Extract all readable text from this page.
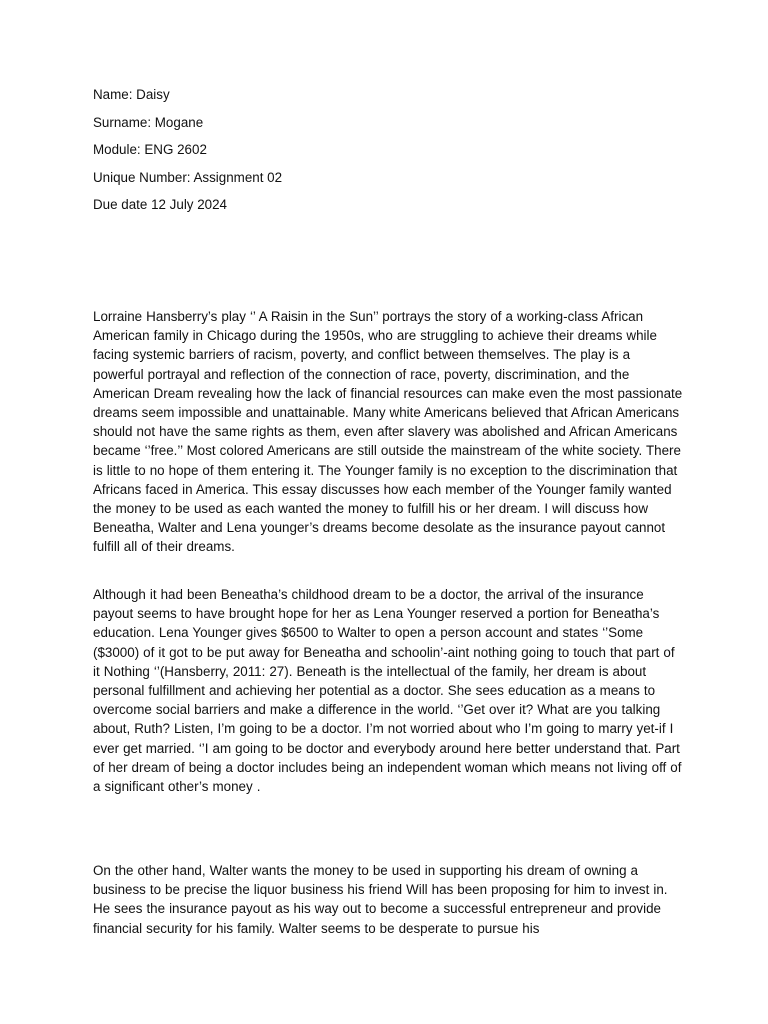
Name: Daisy

Surname: Mogane

Module: ENG 2602

Unique Number: Assignment 02

Due date 12 July 2024

Lorraine Hansberry’s play ‘’ A Raisin in the Sun’’ portrays the story of a working-class African American family in Chicago during the 1950s, who are struggling to achieve their dreams while facing systemic barriers of racism, poverty, and conflict between themselves. The play is a powerful portrayal and reflection of the connection of race, poverty, discrimination, and the American Dream revealing how the lack of financial resources can make even the most passionate dreams seem impossible and unattainable. Many white Americans believed that African Americans should not have the same rights as them, even after slavery was abolished and African Americans became ‘’free.’’ Most colored Americans are still outside the mainstream of the white society. There is little to no hope of them entering it. The Younger family is no exception to the discrimination that Africans faced in America. This essay discusses how each member of the Younger family wanted the money to be used as each wanted the money to fulfill his or her dream. I will discuss how Beneatha, Walter and Lena younger’s dreams become desolate as the insurance payout cannot fulfill all of their dreams.

Although it had been Beneatha’s childhood dream to be a doctor, the arrival of the insurance payout seems to have brought hope for her as Lena Younger reserved a portion for Beneatha’s education. Lena Younger gives $6500 to Walter to open a person account and states ‘’Some ($3000) of it got to be put away for Beneatha and schoolin’-aint nothing going to touch that part of it Nothing ‘’(Hansberry, 2011: 27). Beneath is the intellectual of the family, her dream is about personal fulfillment and achieving her potential as a doctor. She sees education as a means to overcome social barriers and make a difference in the world. ‘’Get over it? What are you talking about, Ruth? Listen, I’m going to be a doctor. I’m not worried about who I’m going to marry yet-if I ever get married. ‘’I am going to be doctor and everybody around here better understand that. Part of her dream of being a doctor includes being an independent woman which means not living off of a significant other’s money .

On the other hand, Walter wants the money to be used in supporting his dream of owning a business to be precise the liquor business his friend Will has been proposing for him to invest in. He sees the insurance payout as his way out to become a successful entrepreneur and provide financial security for his family. Walter seems to be desperate to pursue his
